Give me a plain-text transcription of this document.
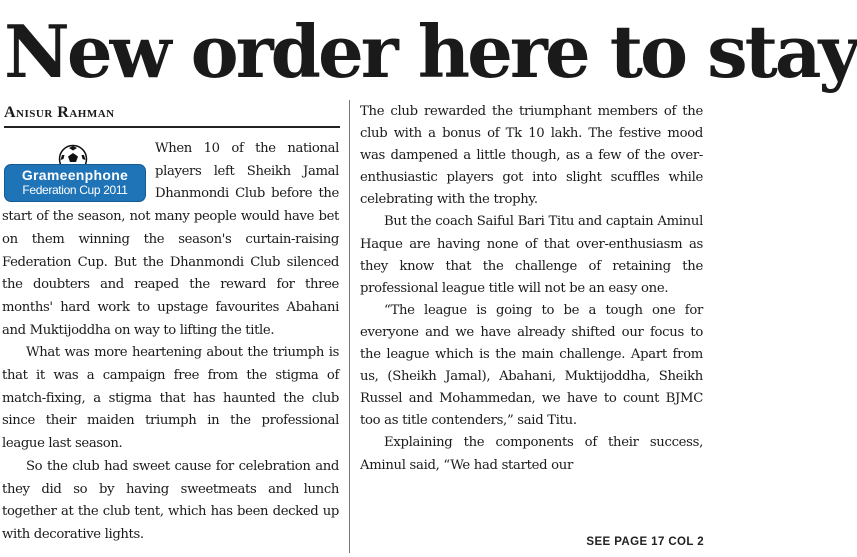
New order here to stay
Anisur Rahman
Grameenphone
Federation Cup 2011

When 10 of the national players left Sheikh Jamal Dhanmondi Club before the start of the season, not many people would have bet on them winning the season's curtain-raising Federation Cup. But the Dhanmondi Club silenced the doubters and reaped the reward for three months' hard work to upstage favourites Abahani and Muktijoddha on way to lifting the title.

What was more heartening about the triumph is that it was a campaign free from the stigma of match-fixing, a stigma that has haunted the club since their maiden triumph in the professional league last season.

So the club had sweet cause for celebration and they did so by having sweetmeats and lunch together at the club tent, which has been decked up with decorative lights.

The club rewarded the triumphant members of the club with a bonus of Tk 10 lakh. The festive mood was dampened a little though, as a few of the over-enthusiastic players got into slight scuffles while celebrating with the trophy.

But the coach Saiful Bari Titu and captain Aminul Haque are having none of that over-enthusiasm as they know that the challenge of retaining the professional league title will not be an easy one.

“The league is going to be a tough one for everyone and we have already shifted our focus to the league which is the main challenge. Apart from us, (Sheikh Jamal), Abahani, Muktijoddha, Sheikh Russel and Mohammedan, we have to count BJMC too as title contenders,” said Titu.

Explaining the components of their success, Aminul said, “We had started our

SEE PAGE 17 COL 2
